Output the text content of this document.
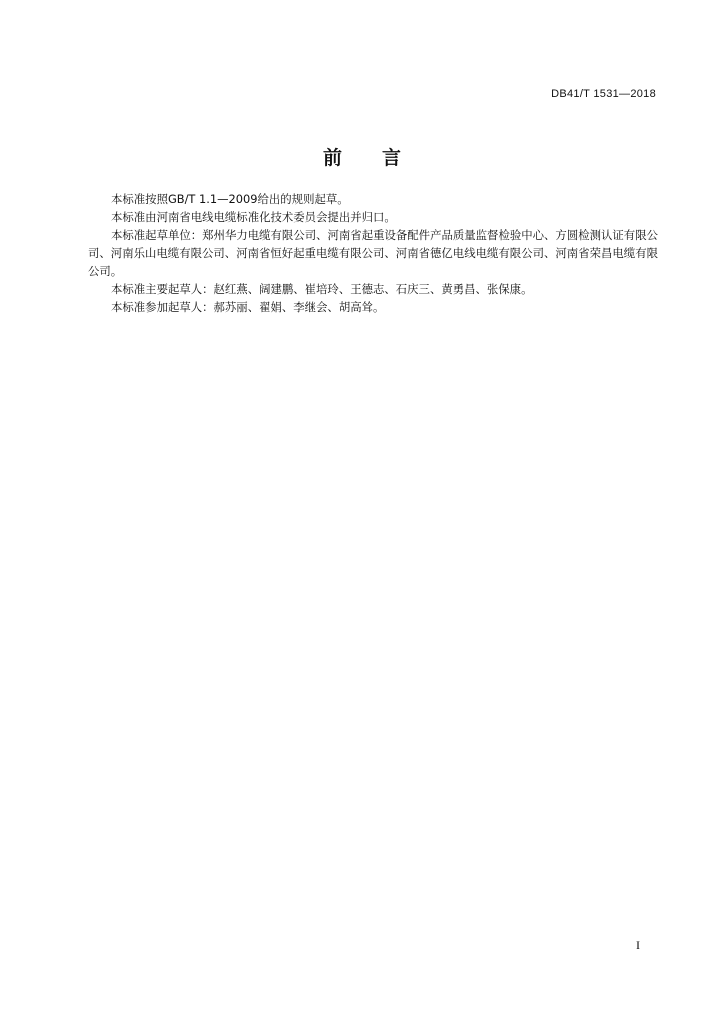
DB41/T 1531—2018
前 言

本标准按照GB/T 1.1—2009给出的规则起草。

本标准由河南省电线电缆标准化技术委员会提出并归口。

本标准起草单位：郑州华力电缆有限公司、河南省起重设备配件产品质量监督检验中心、方圆检测认证有限公司、河南乐山电缆有限公司、河南省恒好起重电缆有限公司、河南省德亿电线电缆有限公司、河南省荣昌电缆有限公司。

本标准主要起草人：赵红燕、阔建鹏、崔培玲、王德志、石庆三、黄勇昌、张保康。

本标准参加起草人：郝苏丽、翟娟、李继会、胡高耸。

I
